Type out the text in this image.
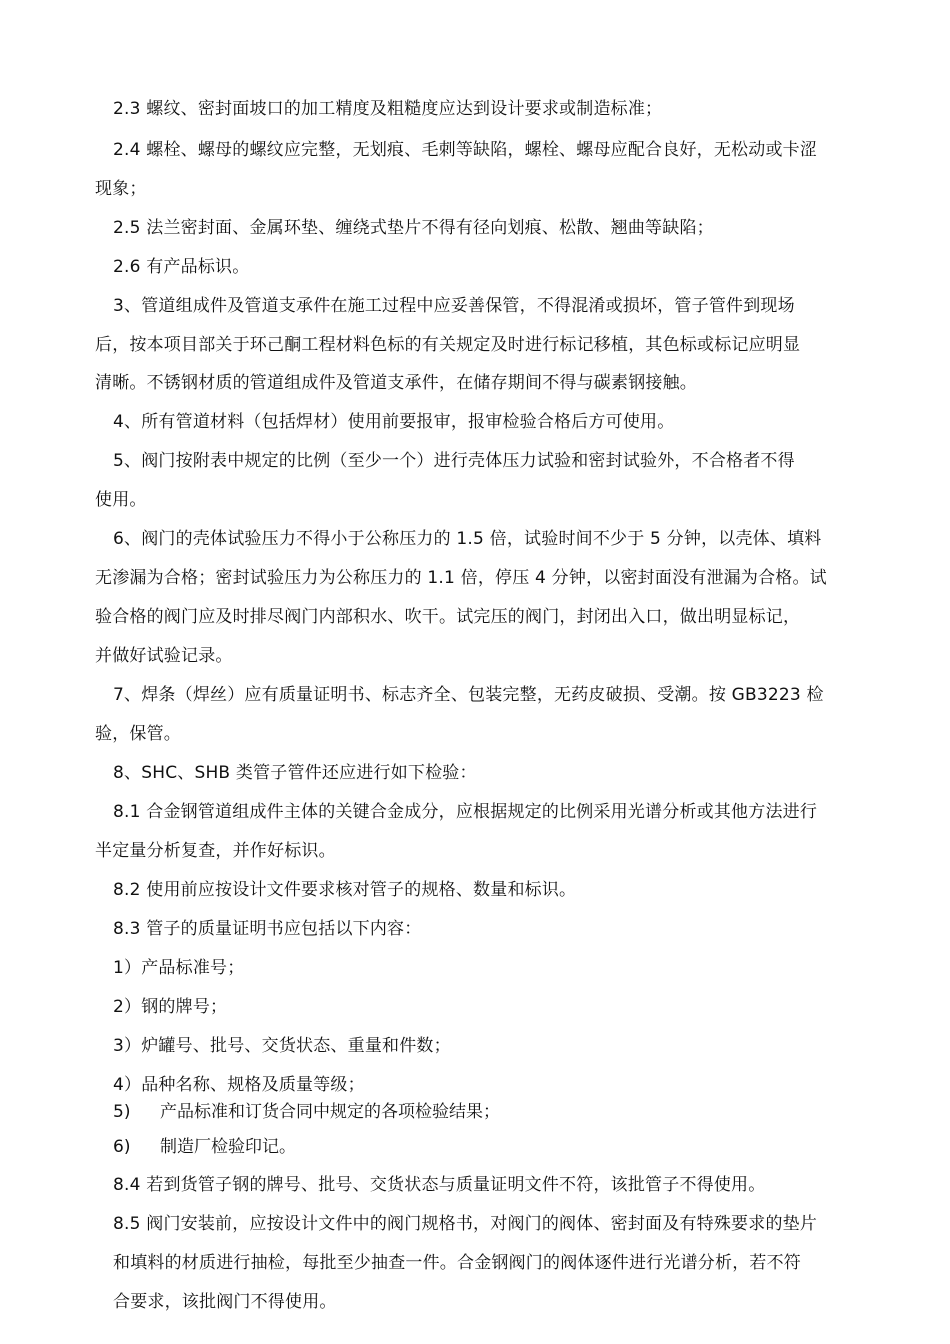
2.3 螺纹、密封面坡口的加工精度及粗糙度应达到设计要求或制造标准；
2.4 螺栓、螺母的螺纹应完整，无划痕、毛刺等缺陷，螺栓、螺母应配合良好，无松动或卡涩
现象；
2.5 法兰密封面、金属环垫、缠绕式垫片不得有径向划痕、松散、翘曲等缺陷；
2.6 有产品标识。
3、管道组成件及管道支承件在施工过程中应妥善保管，不得混淆或损坏，管子管件到现场
后，按本项目部关于环己酮工程材料色标的有关规定及时进行标记移植，其色标或标记应明显
清晰。不锈钢材质的管道组成件及管道支承件，在储存期间不得与碳素钢接触。
4、所有管道材料（包括焊材）使用前要报审，报审检验合格后方可使用。
5、阀门按附表中规定的比例（至少一个）进行壳体压力试验和密封试验外，不合格者不得
使用。
6、阀门的壳体试验压力不得小于公称压力的 1.5 倍，试验时间不少于 5 分钟，以壳体、填料
无渗漏为合格；密封试验压力为公称压力的 1.1 倍，停压 4 分钟，以密封面没有泄漏为合格。试
验合格的阀门应及时排尽阀门内部积水、吹干。试完压的阀门，封闭出入口，做出明显标记，
并做好试验记录。
7、焊条（焊丝）应有质量证明书、标志齐全、包装完整，无药皮破损、受潮。按 GB3223 检
验，保管。
8、SHC、SHB 类管子管件还应进行如下检验：
8.1 合金钢管道组成件主体的关键合金成分，应根据规定的比例采用光谱分析或其他方法进行
半定量分析复查，并作好标识。
8.2 使用前应按设计文件要求核对管子的规格、数量和标识。
8.3 管子的质量证明书应包括以下内容：
1）产品标准号；
2）钢的牌号；
3）炉罐号、批号、交货状态、重量和件数；
4）品种名称、规格及质量等级；
5) 产品标准和订货合同中规定的各项检验结果；
6) 制造厂检验印记。
8.4 若到货管子钢的牌号、批号、交货状态与质量证明文件不符，该批管子不得使用。
8.5 阀门安装前，应按设计文件中的阀门规格书，对阀门的阀体、密封面及有特殊要求的垫片
和填料的材质进行抽检，每批至少抽查一件。合金钢阀门的阀体逐件进行光谱分析，若不符
合要求，该批阀门不得使用。
